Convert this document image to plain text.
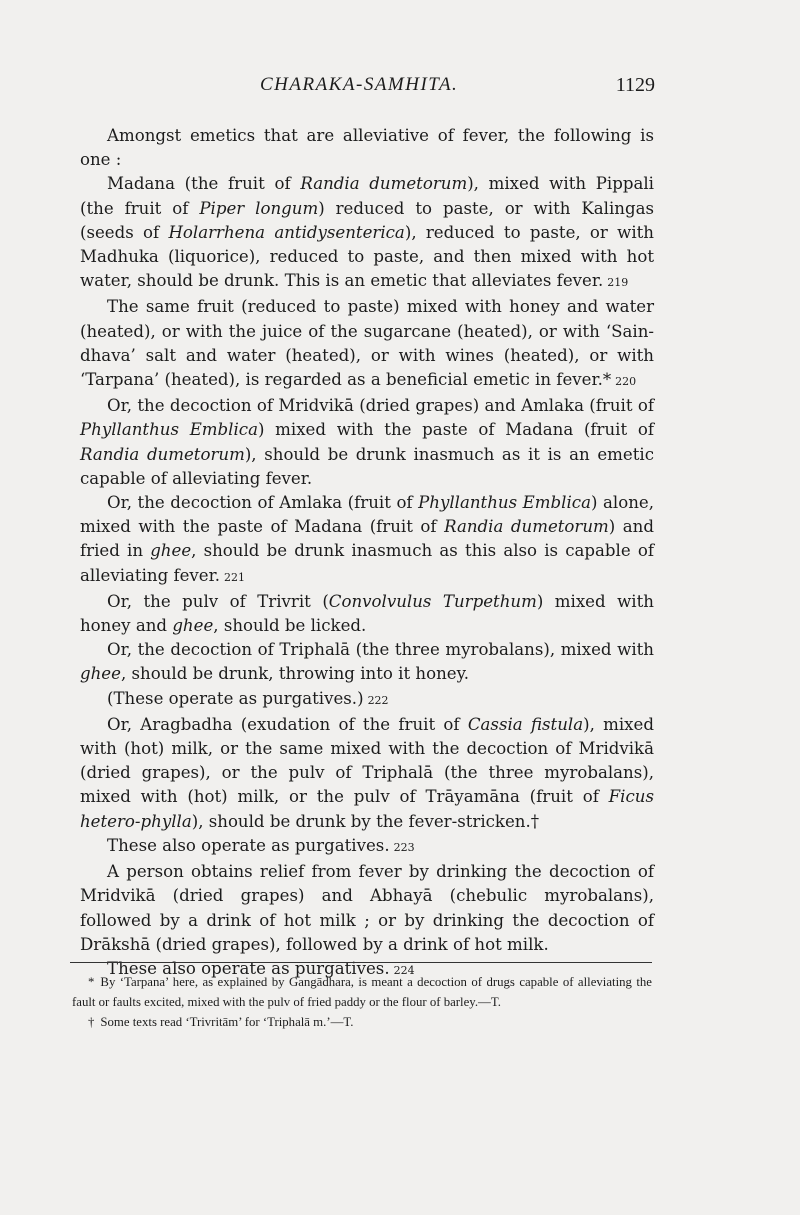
CHARAKA-SAMHITA.	1129

Amongst emetics that are alleviative of fever, the following is one :

Madana (the fruit of Randia dumetorum), mixed with Pippali (the fruit of Piper longum) reduced to paste, or with Kalingas (seeds of Holarrhena antidysenterica), reduced to paste, or with Madhuka (liquorice), reduced to paste, and then mixed with hot water, should be drunk. This is an emetic that alleviates fever. 219

The same fruit (reduced to paste) mixed with honey and water (heated), or with the juice of the sugarcane (heated), or with ‘Sain-dhava’ salt and water (heated), or with wines (heated), or with ‘Tarpana’ (heated), is regarded as a beneficial emetic in fever.* 220

Or, the decoction of Mridvikā (dried grapes) and Amlaka (fruit of Phyllanthus Emblica) mixed with the paste of Madana (fruit of Randia dumetorum), should be drunk inasmuch as it is an emetic capable of alleviating fever.

Or, the decoction of Amlaka (fruit of Phyllanthus Emblica) alone, mixed with the paste of Madana (fruit of Randia dumetorum) and fried in ghee, should be drunk inasmuch as this also is capable of alleviating fever. 221

Or, the pulv of Trivrit (Convolvulus Turpethum) mixed with honey and ghee, should be licked.

Or, the decoction of Triphalā (the three myrobalans), mixed with ghee, should be drunk, throwing into it honey.

(These operate as purgatives.) 222

Or, Aragbadha (exudation of the fruit of Cassia fistula), mixed with (hot) milk, or the same mixed with the decoction of Mridvikā (dried grapes), or the pulv of Triphalā (the three myrobalans), mixed with (hot) milk, or the pulv of Trāyamāna (fruit of Ficus hetero-phylla), should be drunk by the fever-stricken.†

These also operate as purgatives. 223

A person obtains relief from fever by drinking the decoction of Mridvikā (dried grapes) and Abhayā (chebulic myrobalans), followed by a drink of hot milk ; or by drinking the decoction of Drākshā (dried grapes), followed by a drink of hot milk.

These also operate as purgatives. 224

* By ‘Tarpana’ here, as explained by Gangādhara, is meant a decoction of drugs capable of alleviating the fault or faults excited, mixed with the pulv of fried paddy or the flour of barley.—T.

† Some texts read ‘Trivritām’ for ‘Triphalā m.’—T.
